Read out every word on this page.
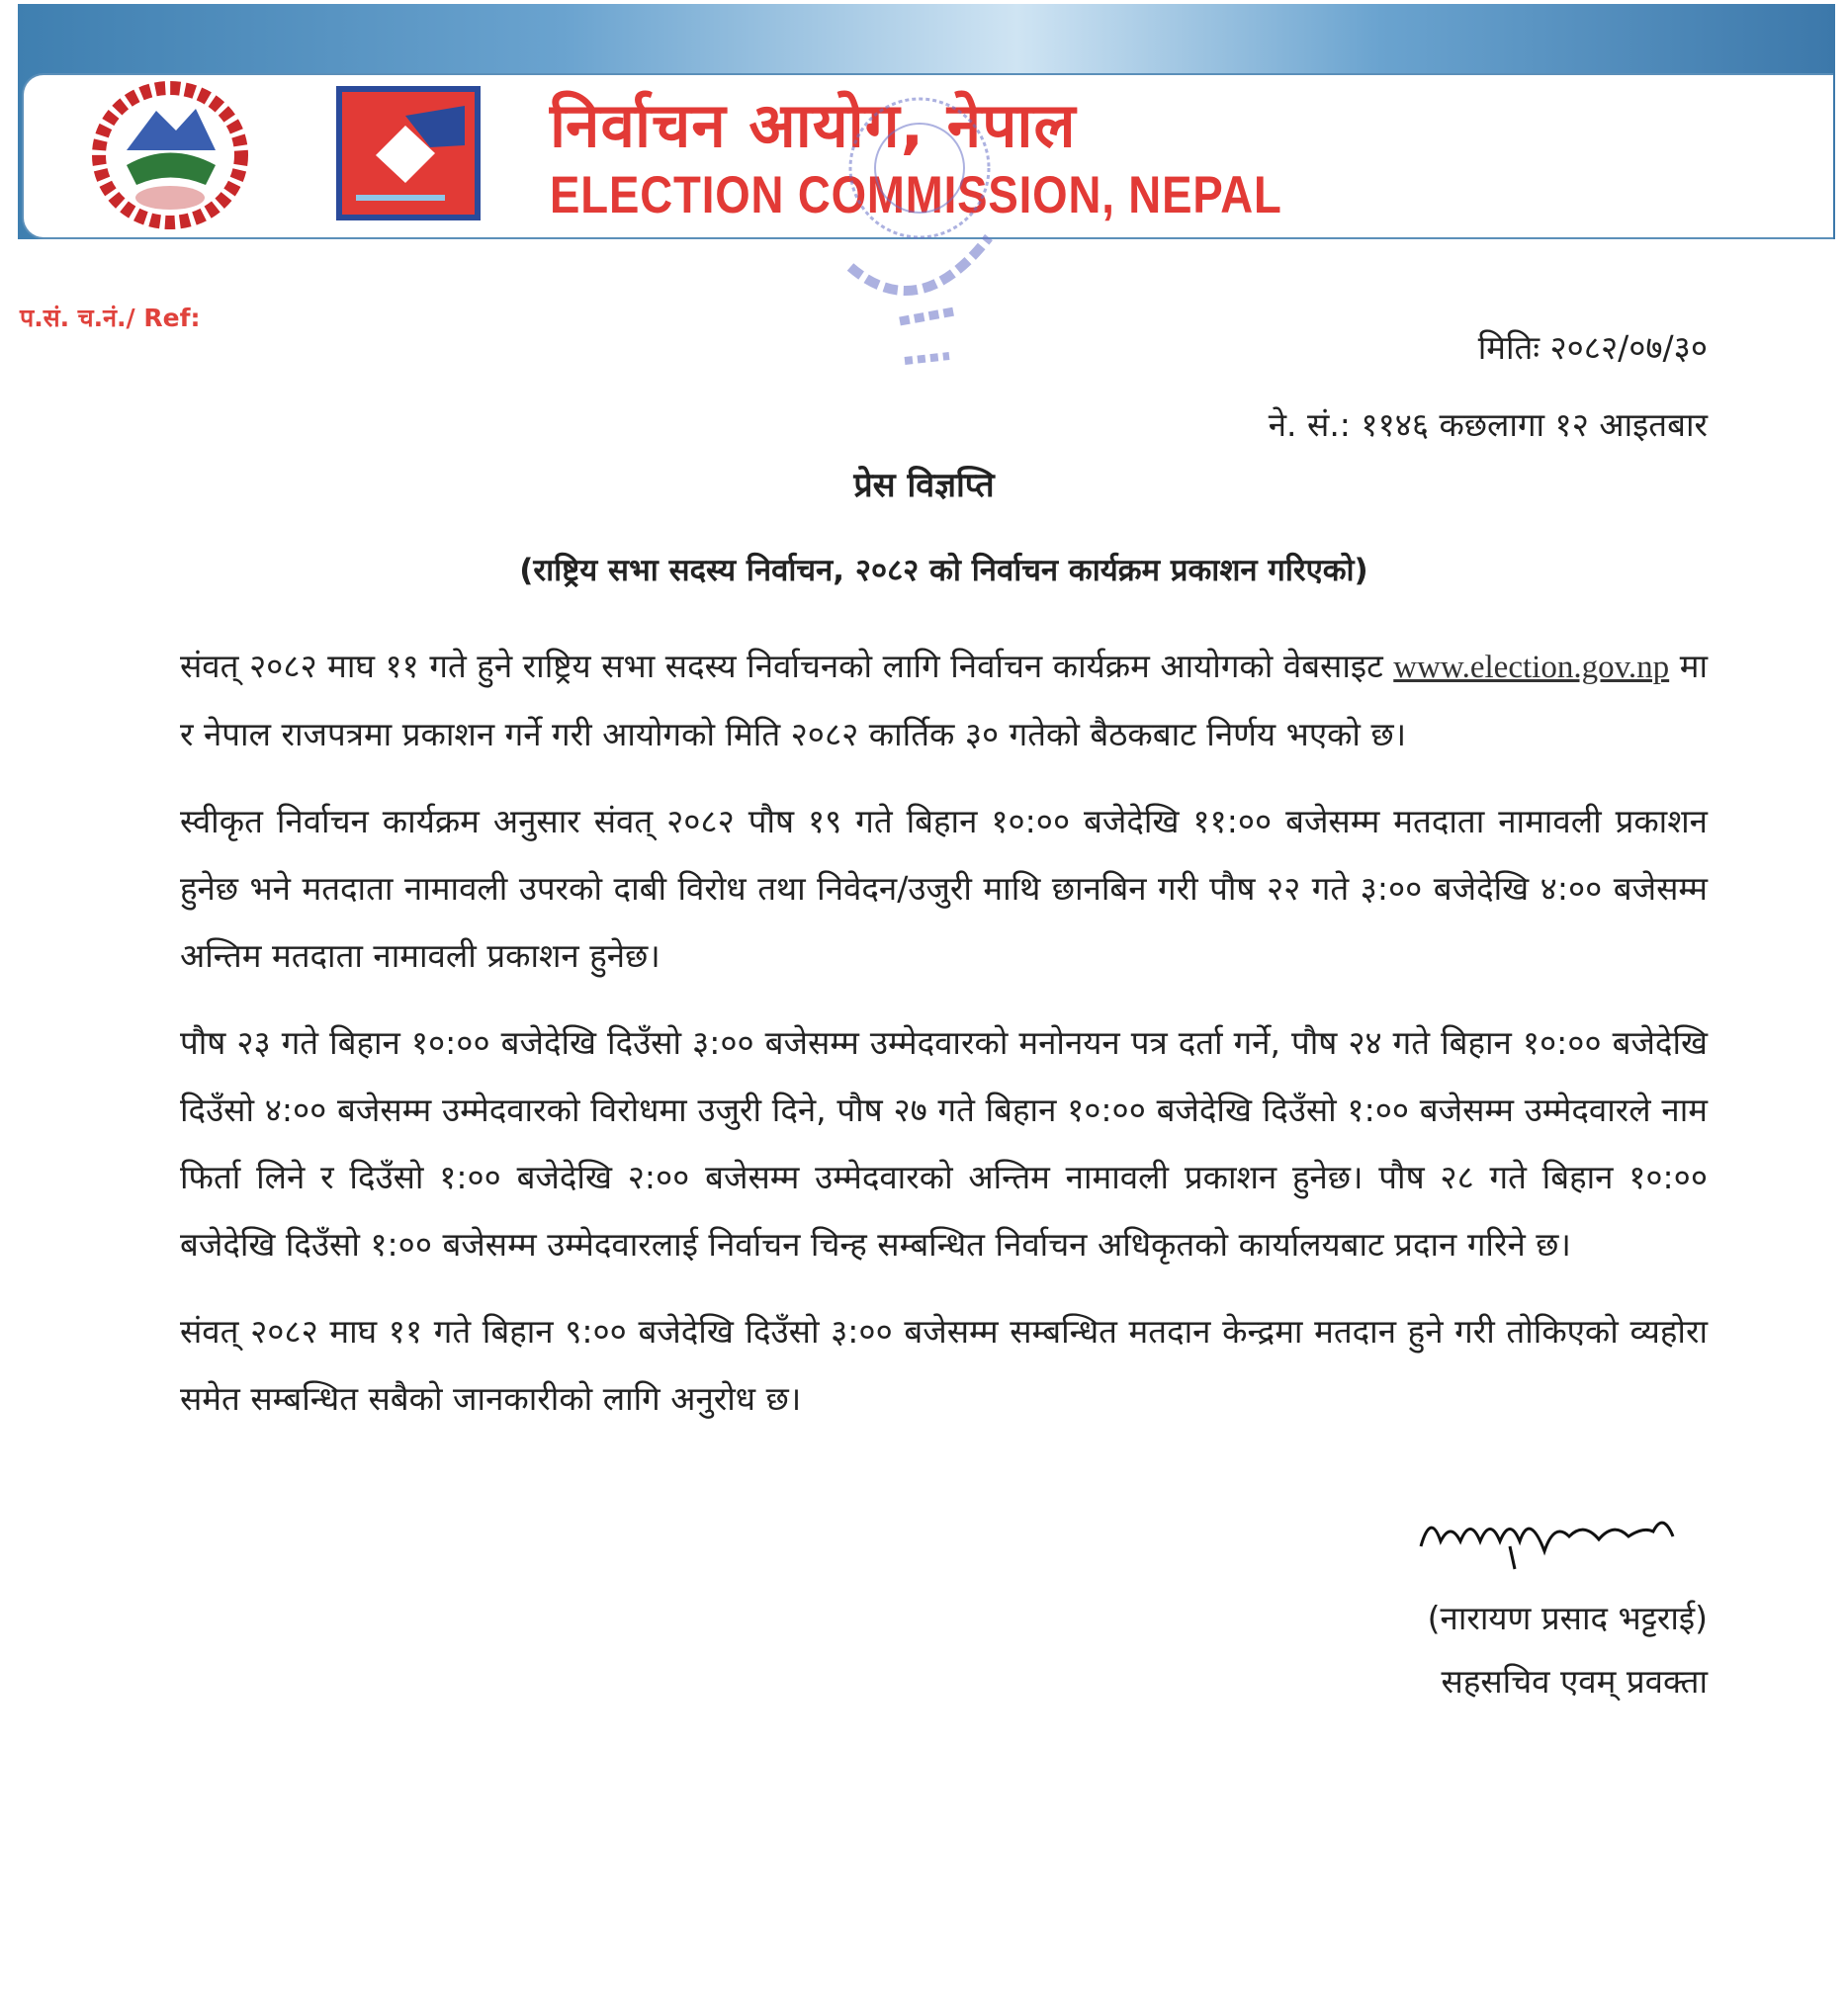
निर्वाचन आयोग, नेपाल
ELECTION COMMISSION, NEPAL
प.सं. च.नं./ Ref:
मितिः २०८२/०७/३०
ने. सं.: ११४६ कछलागा १२ आइतबार
प्रेस विज्ञप्ति
(राष्ट्रिय सभा सदस्य निर्वाचन, २०८२ को निर्वाचन कार्यक्रम प्रकाशन गरिएको)

संवत् २०८२ माघ ११ गते हुने राष्ट्रिय सभा सदस्य निर्वाचनको लागि निर्वाचन कार्यक्रम आयोगको वेबसाइट www.election.gov.np मा र नेपाल राजपत्रमा प्रकाशन गर्ने गरी आयोगको मिति २०८२ कार्तिक ३० गतेको बैठकबाट निर्णय भएको छ।

स्वीकृत निर्वाचन कार्यक्रम अनुसार संवत् २०८२ पौष १९ गते बिहान १०:०० बजेदेखि ११:०० बजेसम्म मतदाता नामावली प्रकाशन हुनेछ भने मतदाता नामावली उपरको दाबी विरोध तथा निवेदन/उजुरी माथि छानबिन गरी पौष २२ गते ३:०० बजेदेखि ४:०० बजेसम्म अन्तिम मतदाता नामावली प्रकाशन हुनेछ।

पौष २३ गते बिहान १०:०० बजेदेखि दिउँसो ३:०० बजेसम्म उम्मेदवारको मनोनयन पत्र दर्ता गर्ने, पौष २४ गते बिहान १०:०० बजेदेखि दिउँसो ४:०० बजेसम्म उम्मेदवारको विरोधमा उजुरी दिने, पौष २७ गते बिहान १०:०० बजेदेखि दिउँसो १:०० बजेसम्म उम्मेदवारले नाम फिर्ता लिने र दिउँसो १:०० बजेदेखि २:०० बजेसम्म उम्मेदवारको अन्तिम नामावली प्रकाशन हुनेछ। पौष २८ गते बिहान १०:०० बजेदेखि दिउँसो १:०० बजेसम्म उम्मेदवारलाई निर्वाचन चिन्ह सम्बन्धित निर्वाचन अधिकृतको कार्यालयबाट प्रदान गरिने छ।

संवत् २०८२ माघ ११ गते बिहान ९:०० बजेदेखि दिउँसो ३:०० बजेसम्म सम्बन्धित मतदान केन्द्रमा मतदान हुने गरी तोकिएको व्यहोरा समेत सम्बन्धित सबैको जानकारीको लागि अनुरोध छ।

(नारायण प्रसाद भट्टराई)
सहसचिव एवम् प्रवक्ता
